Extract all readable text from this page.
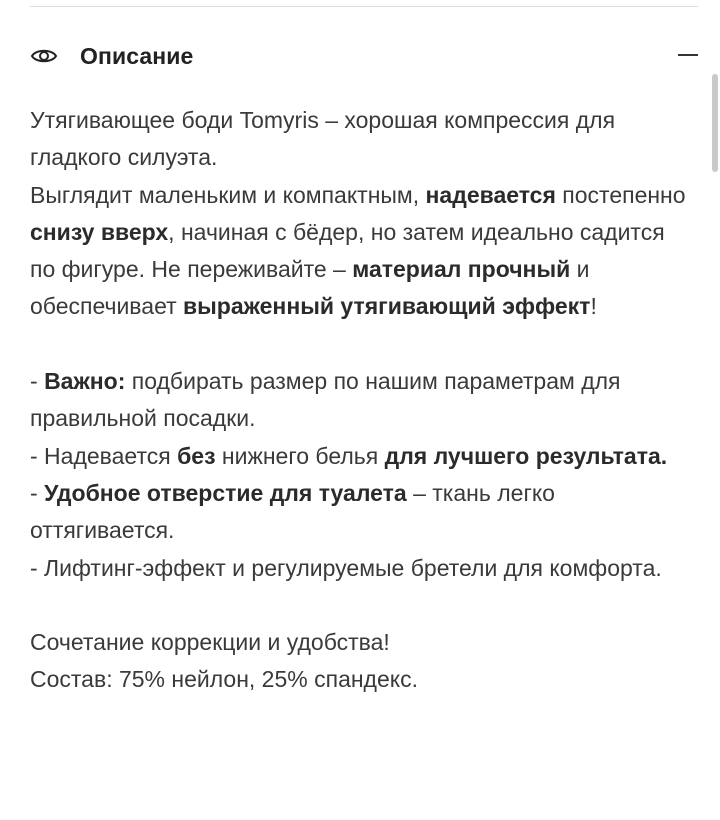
Описание

Утягивающее боди Tomyris – хорошая компрессия для гладкого силуэта.
Выглядит маленьким и компактным, надевается постепенно снизу вверх, начиная с бёдер, но затем идеально садится по фигуре. Не переживайте – материал прочный и обеспечивает выраженный утягивающий эффект!

- Важно: подбирать размер по нашим параметрам для правильной посадки.
- Надевается без нижнего белья для лучшего результата.
- Удобное отверстие для туалета – ткань легко оттягивается.
- Лифтинг-эффект и регулируемые бретели для комфорта.

Сочетание коррекции и удобства!
Состав: 75% нейлон, 25% спандекс.
